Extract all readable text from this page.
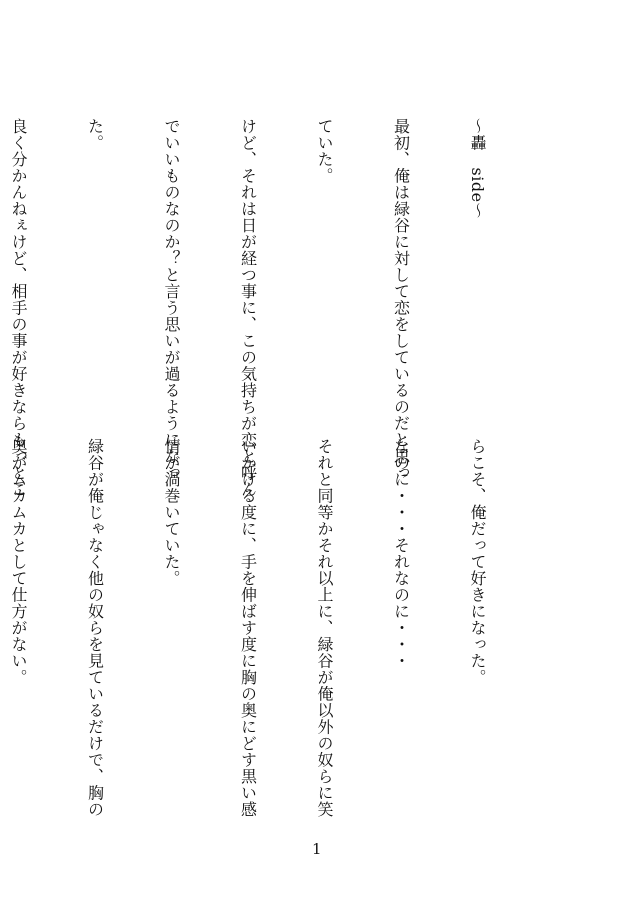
～轟　side～

最初、俺は緑谷に対して恋をしているのだと思っ

ていた。

けど、それは日が経つ事に、この気持ちが恋と呼ん

でいいものなのか？と言う思いが過るようになっ

た。

良く分かんねぇけど、相手の事が好きならもっとこ

らこそ、俺だって好きになった。

なのに・・・それなのに・・・

それと同等かそれ以上に、緑谷が俺以外の奴らに笑

いかける度に、手を伸ばす度に胸の奥にどす黒い感

情が渦巻いていた。

緑谷が俺じゃなく他の奴らを見ているだけで、胸の

奥がムカムカとして仕方がない。

1
